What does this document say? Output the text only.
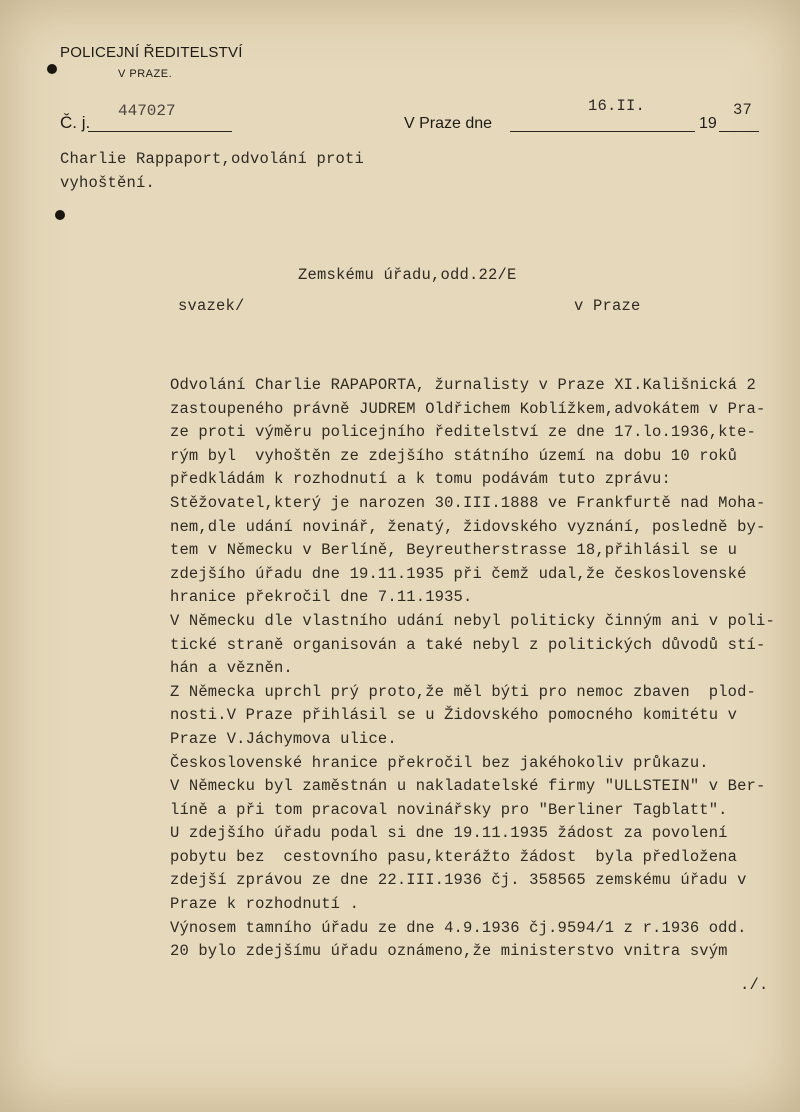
POLICEJNÍ ŘEDITELSTVÍ
V PRAZE.
Č. j.
447027
V Praze dne
16.II.
19
37
Charlie Rappaport,odvolání proti
vyhoštění.
Zemskému úřadu,odd.22/E
svazek/	v Praze
Odvolání Charlie RAPAPORTA, žurnalisty v Praze XI.Kališnická 2
zastoupeného právně JUDREM Oldřichem Koblížkem,advokátem v Pra-
ze proti výměru policejního ředitelství ze dne 17.lo.1936,kte-
rým byl  vyhoštěn ze zdejšího státního území na dobu 10 roků
předkládám k rozhodnutí a k tomu podávám tuto zprávu:
Stěžovatel,který je narozen 30.III.1888 ve Frankfurtě nad Moha-
nem,dle udání novinář, ženatý, židovského vyznání, posledně by-
tem v Německu v Berlíně, Beyreutherstrasse 18,přihlásil se u
zdejšího úřadu dne 19.11.1935 při čemž udal,že československé
hranice překročil dne 7.11.1935.
V Německu dle vlastního udání nebyl politicky činným ani v poli-
tické straně organisován a také nebyl z politických důvodů stí-
hán a vězněn.
Z Německa uprchl prý proto,že měl býti pro nemoc zbaven  plod-
nosti.V Praze přihlásil se u Židovského pomocného komitétu v
Praze V.Jáchymova ulice.
Československé hranice překročil bez jakéhokoliv průkazu.
V Německu byl zaměstnán u nakladatelské firmy "ULLSTEIN" v Ber-
líně a při tom pracoval novinářsky pro "Berliner Tagblatt".
U zdejšího úřadu podal si dne 19.11.1935 žádost za povolení
pobytu bez  cestovního pasu,kterážto žádost  byla předložena
zdejší zprávou ze dne 22.III.1936 čj. 358565 zemskému úřadu v
Praze k rozhodnutí .
Výnosem tamního úřadu ze dne 4.9.1936 čj.9594/1 z r.1936 odd.
20 bylo zdejšímu úřadu oznámeno,že ministerstvo vnitra svým
./.
